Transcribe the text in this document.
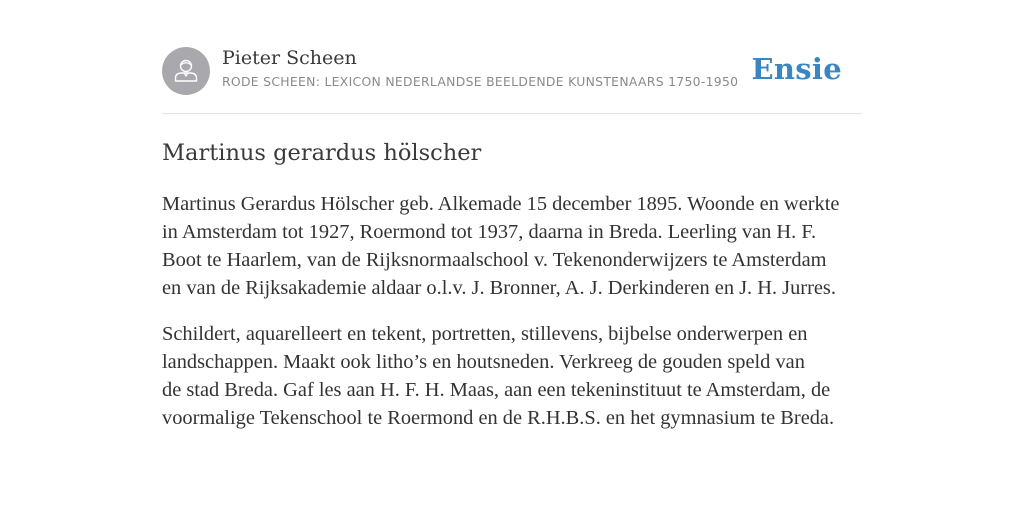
Pieter Scheen
RODE SCHEEN: LEXICON NEDERLANDSE BEELDENDE KUNSTENAARS 1750-1950 Ensie
Martinus gerardus hölscher

Martinus Gerardus Hölscher geb. Alkemade 15 december 1895. Woonde en werkte
in Amsterdam tot 1927, Roermond tot 1937, daarna in Breda. Leerling van H. F.
Boot te Haarlem, van de Rijksnormaalschool v. Tekenonderwijzers te Amsterdam
en van de Rijksakademie aldaar o.l.v. J. Bronner, A. J. Derkinderen en J. H. Jurres.

Schildert, aquarelleert en tekent, portretten, stillevens, bijbelse onderwerpen en
landschappen. Maakt ook litho’s en houtsneden. Verkreeg de gouden speld van
de stad Breda. Gaf les aan H. F. H. Maas, aan een tekeninstituut te Amsterdam, de
voormalige Tekenschool te Roermond en de R.H.B.S. en het gymnasium te Breda.
